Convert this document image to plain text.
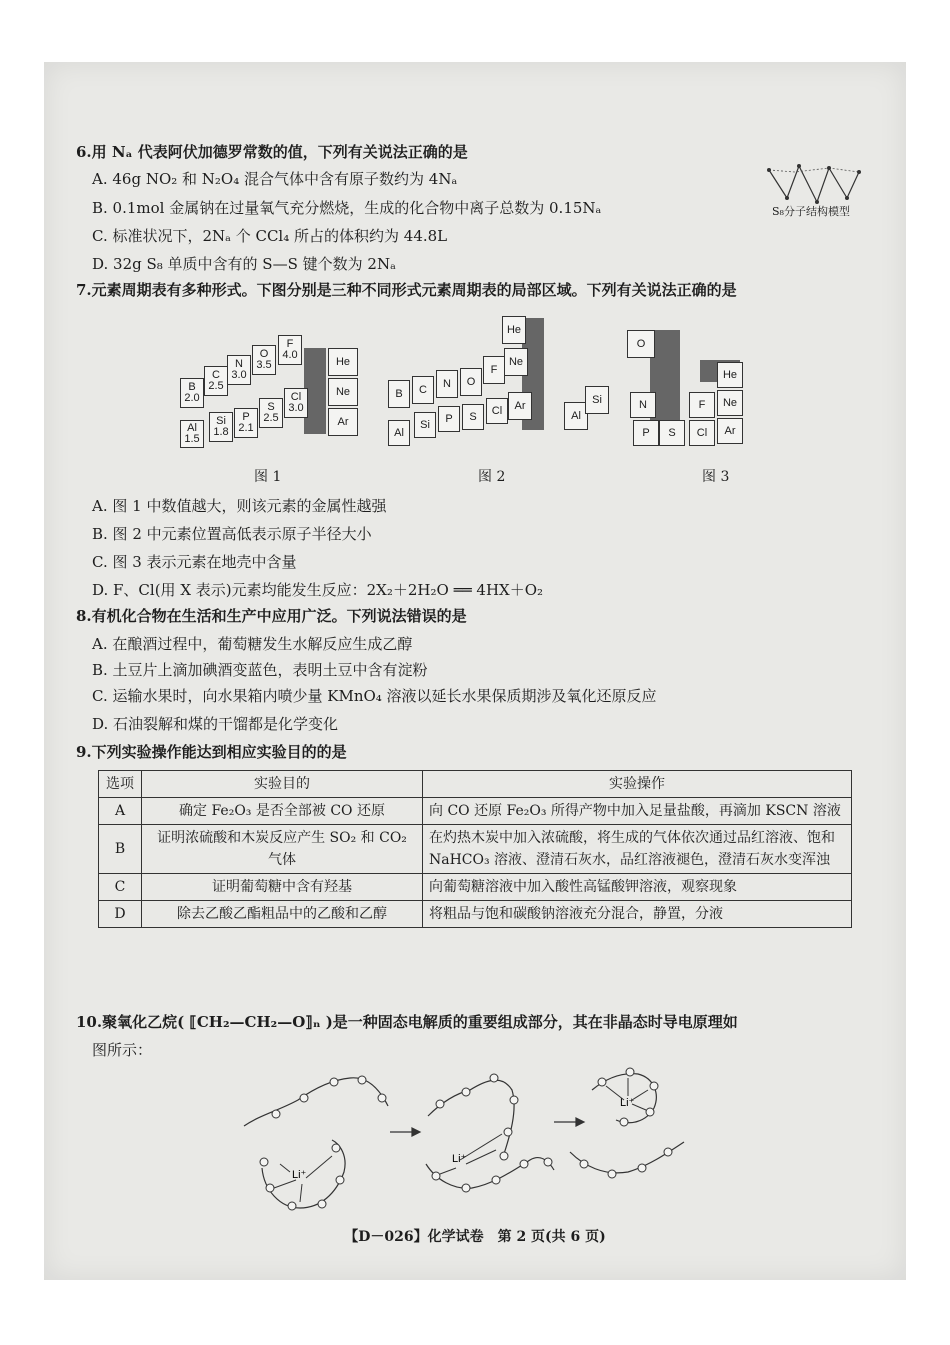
6.用 Nₐ 代表阿伏加德罗常数的值，下列有关说法正确的是
A. 46g NO₂ 和 N₂O₄ 混合气体中含有原子数约为 4Nₐ
B. 0.1mol 金属钠在过量氧气充分燃烧，生成的化合物中离子总数为 0.15Nₐ
C. 标准状况下，2Nₐ 个 CCl₄ 所占的体积约为 44.8L
D. 32g S₈ 单质中含有的 S—S 键个数为 2Nₐ
S₈分子结构模型
7.元素周期表有多种形式。下图分别是三种不同形式元素周期表的局部区域。下列有关说法正确的是
B
2.0
Al
1.5
C
2.5
Si
1.8
N
3.0
P
2.1
O
3.5
S
2.5
F
4.0
Cl
3.0
He
Ne
Ar
图 1
B
Al
C
Si
N
P
O
S
F
Cl
He
Ne
Ar
图 2
Al
Si
O
N
P S
F
Cl
He
Ne
Ar
图 3
A. 图 1 中数值越大，则该元素的金属性越强
B. 图 2 中元素位置高低表示原子半径大小
C. 图 3 表示元素在地壳中含量
D. F、Cl(用 X 表示)元素均能发生反应：2X₂＋2H₂O ══ 4HX＋O₂
8.有机化合物在生活和生产中应用广泛。下列说法错误的是
A. 在酿酒过程中，葡萄糖发生水解反应生成乙醇
B. 土豆片上滴加碘酒变蓝色，表明土豆中含有淀粉
C. 运输水果时，向水果箱内喷少量 KMnO₄ 溶液以延长水果保质期涉及氧化还原反应
D. 石油裂解和煤的干馏都是化学变化
9.下列实验操作能达到相应实验目的的是
选项	实验目的	实验操作
A	确定 Fe₂O₃ 是否全部被 CO 还原	向 CO 还原 Fe₂O₃ 所得产物中加入足量盐酸，再滴加 KSCN 溶液
B	证明浓硫酸和木炭反应产生 SO₂ 和 CO₂ 气体	在灼热木炭中加入浓硫酸，将生成的气体依次通过品红溶液、饱和 NaHCO₃ 溶液、澄清石灰水，品红溶液褪色，澄清石灰水变浑浊
C	证明葡萄糖中含有羟基	向葡萄糖溶液中加入酸性高锰酸钾溶液，观察现象
D	除去乙酸乙酯粗品中的乙酸和乙醇	将粗品与饱和碳酸钠溶液充分混合，静置，分液
10.聚氧化乙烷( ⟦CH₂—CH₂—O⟧ₙ )是一种固态电解质的重要组成部分，其在非晶态时导电原理如
图所示：
Li⁺
Li⁺
Li⁺
【D－026】化学试卷　第 2 页(共 6 页)
